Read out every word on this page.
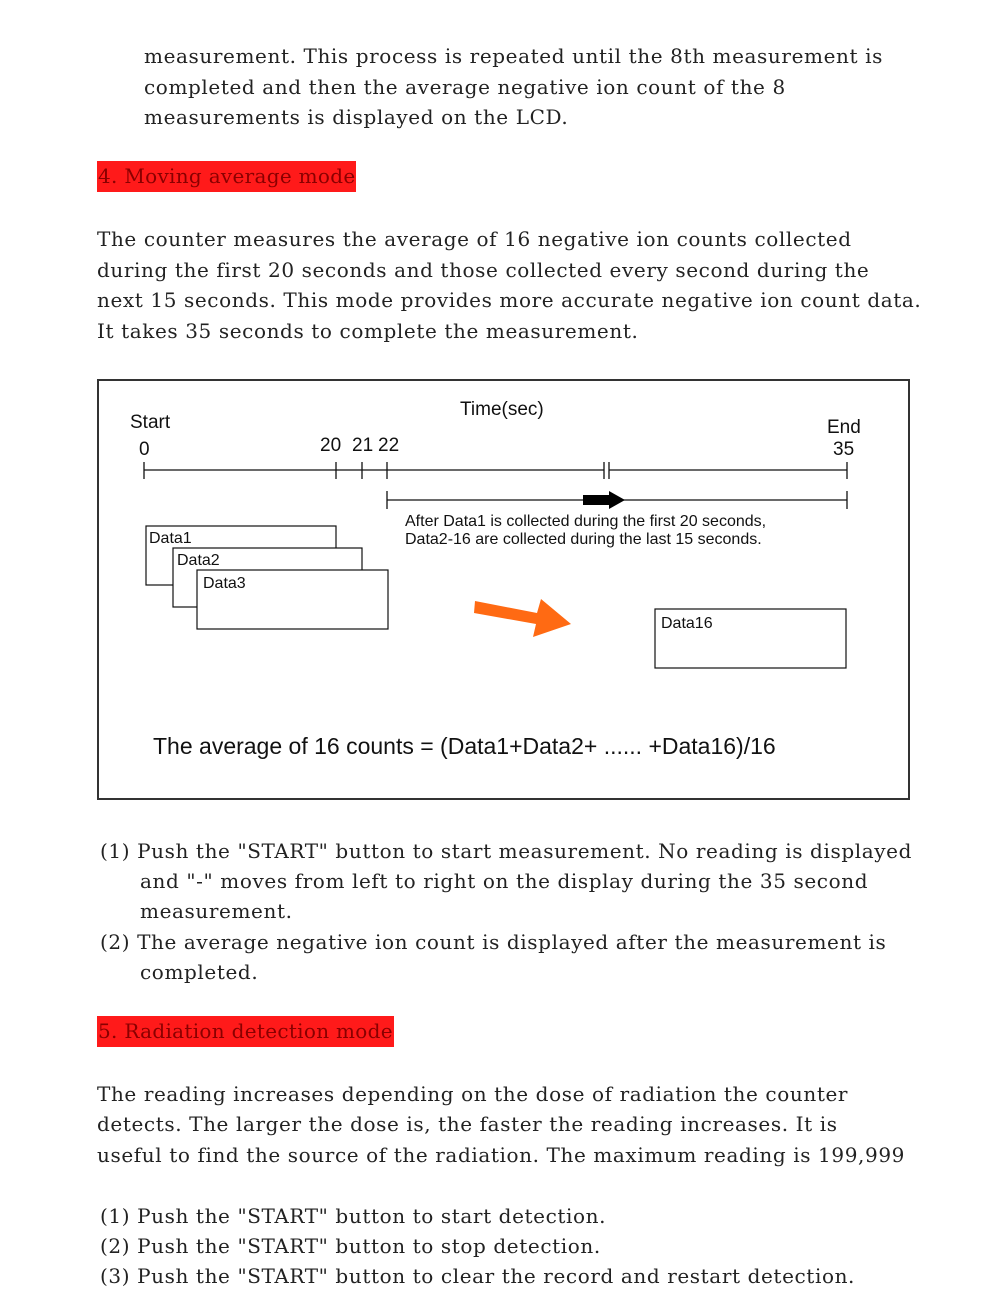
measurement. This process is repeated until the 8th measurement is

completed and then the average negative ion count of the 8

measurements is displayed on the LCD.

4. Moving average mode

The counter measures the average of 16 negative ion counts collected

during the first 20 seconds and those collected every second during the

next 15 seconds. This mode provides more accurate negative ion count data.

It takes 35 seconds to complete the measurement.

Time(sec)
Start
0
End
35
20 21 22
After Data1 is collected during the first 20 seconds,
Data2-16 are collected during the last 15 seconds.
Data1
Data2
Data3
Data16
The average of 16 counts = (Data1+Data2+ ...... +Data16)/16

(1) Push the "START" button to start measurement. No reading is displayed

and "-" moves from left to right on the display during the 35 second

measurement.

(2) The average negative ion count is displayed after the measurement is

completed.

5. Radiation detection mode

The reading increases depending on the dose of radiation the counter

detects. The larger the dose is, the faster the reading increases. It is

useful to find the source of the radiation. The maximum reading is 199,999

(1) Push the "START" button to start detection.

(2) Push the "START" button to stop detection.

(3) Push the "START" button to clear the record and restart detection.
